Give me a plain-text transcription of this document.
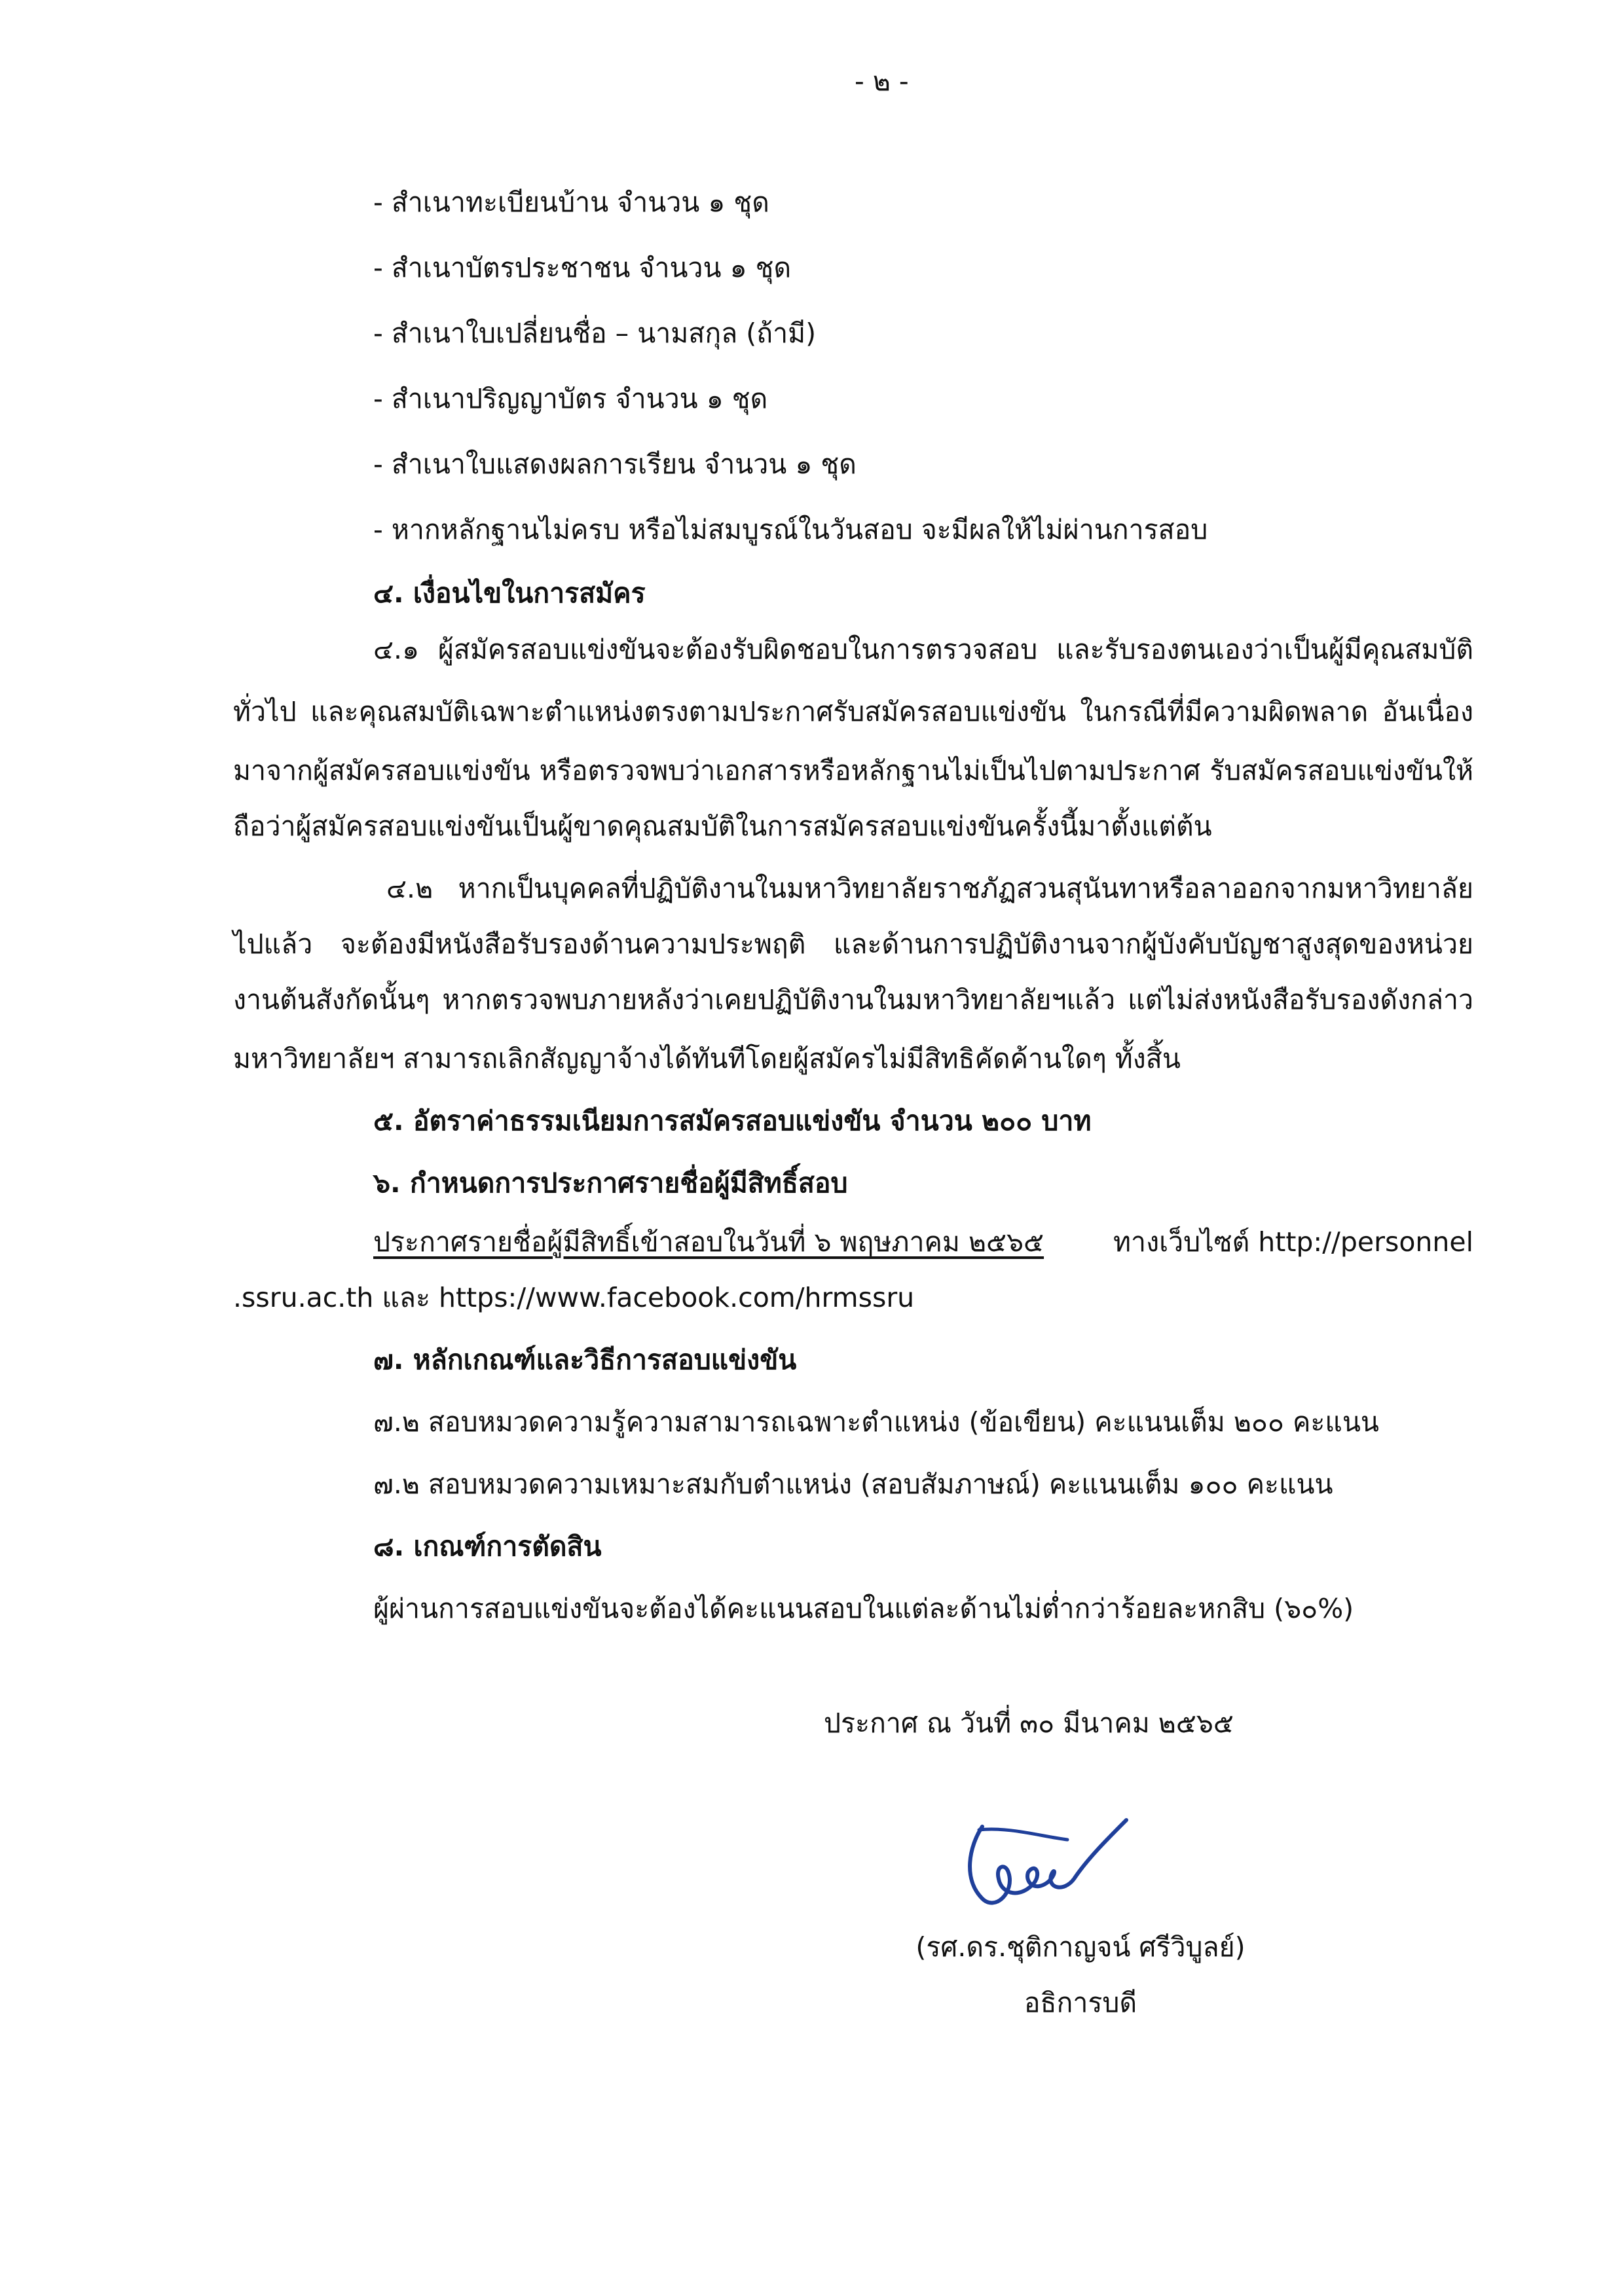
- ๒ -
- สำเนาทะเบียนบ้าน จำนวน ๑ ชุด
- สำเนาบัตรประชาชน จำนวน ๑ ชุด
- สำเนาใบเปลี่ยนชื่อ – นามสกุล (ถ้ามี)
- สำเนาปริญญาบัตร จำนวน ๑ ชุด
- สำเนาใบแสดงผลการเรียน จำนวน ๑ ชุด
- หากหลักฐานไม่ครบ หรือไม่สมบูรณ์ในวันสอบ จะมีผลให้ไม่ผ่านการสอบ
๔. เงื่อนไขในการสมัคร
๔.๑ ผู้สมัครสอบแข่งขันจะต้องรับผิดชอบในการตรวจสอบ และรับรองตนเองว่าเป็นผู้มีคุณสมบัติ
ทั่วไป และคุณสมบัติเฉพาะตำแหน่งตรงตามประกาศรับสมัครสอบแข่งขัน ในกรณีที่มีความผิดพลาด อันเนื่อง
มาจากผู้สมัครสอบแข่งขัน หรือตรวจพบว่าเอกสารหรือหลักฐานไม่เป็นไปตามประกาศ รับสมัครสอบแข่งขันให้
ถือว่าผู้สมัครสอบแข่งขันเป็นผู้ขาดคุณสมบัติในการสมัครสอบแข่งขันครั้งนี้มาตั้งแต่ต้น
๔.๒ หากเป็นบุคคลที่ปฏิบัติงานในมหาวิทยาลัยราชภัฏสวนสุนันทาหรือลาออกจากมหาวิทยาลัย
ไปแล้ว จะต้องมีหนังสือรับรองด้านความประพฤติ และด้านการปฏิบัติงานจากผู้บังคับบัญชาสูงสุดของหน่วย
งานต้นสังกัดนั้นๆ หากตรวจพบภายหลังว่าเคยปฏิบัติงานในมหาวิทยาลัยฯแล้ว แต่ไม่ส่งหนังสือรับรองดังกล่าว
มหาวิทยาลัยฯ สามารถเลิกสัญญาจ้างได้ทันทีโดยผู้สมัครไม่มีสิทธิคัดค้านใดๆ ทั้งสิ้น
๕. อัตราค่าธรรมเนียมการสมัครสอบแข่งขัน จำนวน ๒๐๐ บาท
๖. กำหนดการประกาศรายชื่อผู้มีสิทธิ์สอบ
ประกาศรายชื่อผู้มีสิทธิ์เข้าสอบในวันที่ ๖ พฤษภาคม ๒๕๖๕	ทางเว็บไซต์ http://personnel
.ssru.ac.th และ https://www.facebook.com/hrmssru
๗. หลักเกณฑ์และวิธีการสอบแข่งขัน
๗.๒ สอบหมวดความรู้ความสามารถเฉพาะตำแหน่ง (ข้อเขียน) คะแนนเต็ม ๒๐๐ คะแนน
๗.๒ สอบหมวดความเหมาะสมกับตำแหน่ง (สอบสัมภาษณ์) คะแนนเต็ม ๑๐๐ คะแนน
๘. เกณฑ์การตัดสิน
ผู้ผ่านการสอบแข่งขันจะต้องได้คะแนนสอบในแต่ละด้านไม่ต่ำกว่าร้อยละหกสิบ (๖๐%)
ประกาศ ณ วันที่ ๓๐ มีนาคม ๒๕๖๕
(รศ.ดร.ชุติกาญจน์ ศรีวิบูลย์)
อธิการบดี
